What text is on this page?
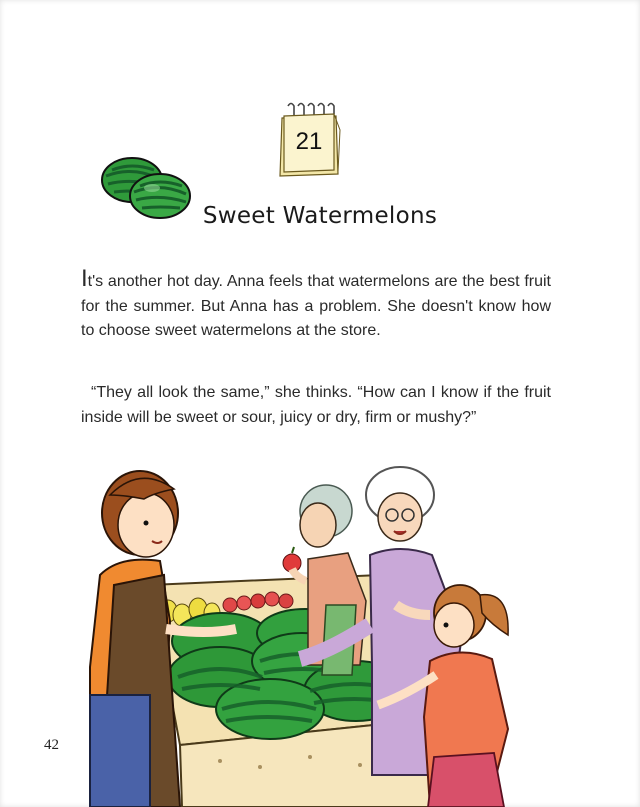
21
Sweet Watermelons
It's another hot day. Anna feels that watermelons are the best fruit for the summer. But Anna has a problem. She doesn't know how to choose sweet watermelons at the store.
“They all look the same,” she thinks. “How can I know if the fruit inside will be sweet or sour, juicy or dry, firm or mushy?”
42
